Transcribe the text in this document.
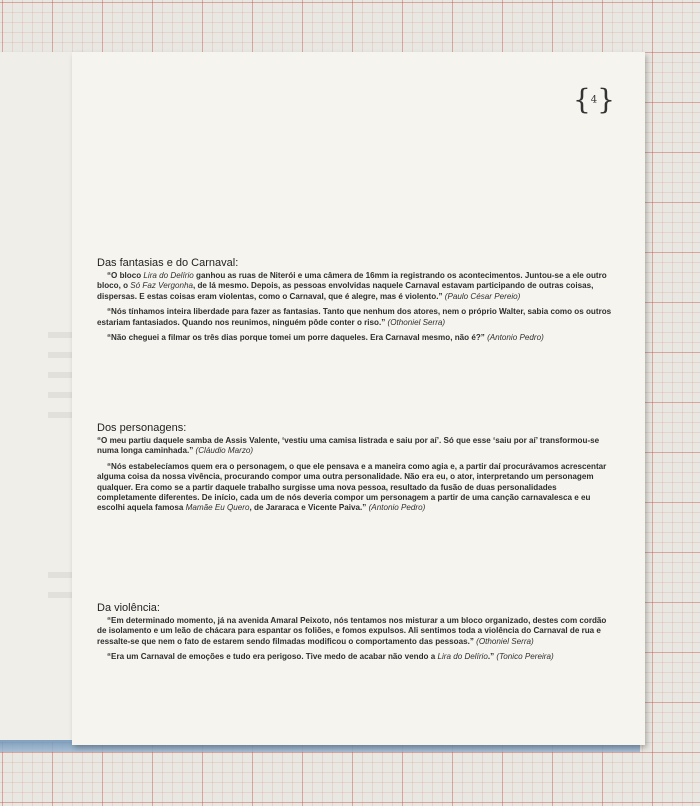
{4}
Das fantasias e do Carnaval:

“O bloco Lira do Delírio ganhou as ruas de Niterói e uma câmera de 16mm ia registrando os acontecimentos. Juntou-se a ele outro bloco, o Só Faz Vergonha, de lá mesmo. Depois, as pessoas envolvidas naquele Carnaval estavam participando de outras coisas, dispersas. E estas coisas eram violentas, como o Carnaval, que é alegre, mas é violento.” (Paulo César Pereio)

“Nós tínhamos inteira liberdade para fazer as fantasias. Tanto que nenhum dos atores, nem o próprio Walter, sabia como os outros estariam fantasiados. Quando nos reunimos, ninguém pôde conter o riso.” (Othoniel Serra)

“Não cheguei a filmar os três dias porque tomei um porre daqueles. Era Carnaval mesmo, não é?” (Antonio Pedro)

Dos personagens:

“O meu partiu daquele samba de Assis Valente, ‘vestiu uma camisa listrada e saiu por aí’. Só que esse ‘saiu por aí’ transformou-se numa longa caminhada.” (Cláudio Marzo)

“Nós estabelecíamos quem era o personagem, o que ele pensava e a maneira como agia e, a partir daí procurávamos acrescentar alguma coisa da nossa vivência, procurando compor uma outra personalidade. Não era eu, o ator, interpretando um personagem qualquer. Era como se a partir daquele trabalho surgisse uma nova pessoa, resultado da fusão de duas personalidades completamente diferentes. De início, cada um de nós deveria compor um personagem a partir de uma canção carnavalesca e eu escolhi aquela famosa Mamãe Eu Quero, de Jararaca e Vicente Paiva.” (Antonio Pedro)

Da violência:

“Em determinado momento, já na avenida Amaral Peixoto, nós tentamos nos misturar a um bloco organizado, destes com cordão de isolamento e um leão de chácara para espantar os foliões, e fomos expulsos. Ali sentimos toda a violência do Carnaval de rua e ressalte-se que nem o fato de estarem sendo filmadas modificou o comportamento das pessoas.” (Othoniel Serra)

“Era um Carnaval de emoções e tudo era perigoso. Tive medo de acabar não vendo a Lira do Delírio.” (Tonico Pereira)
